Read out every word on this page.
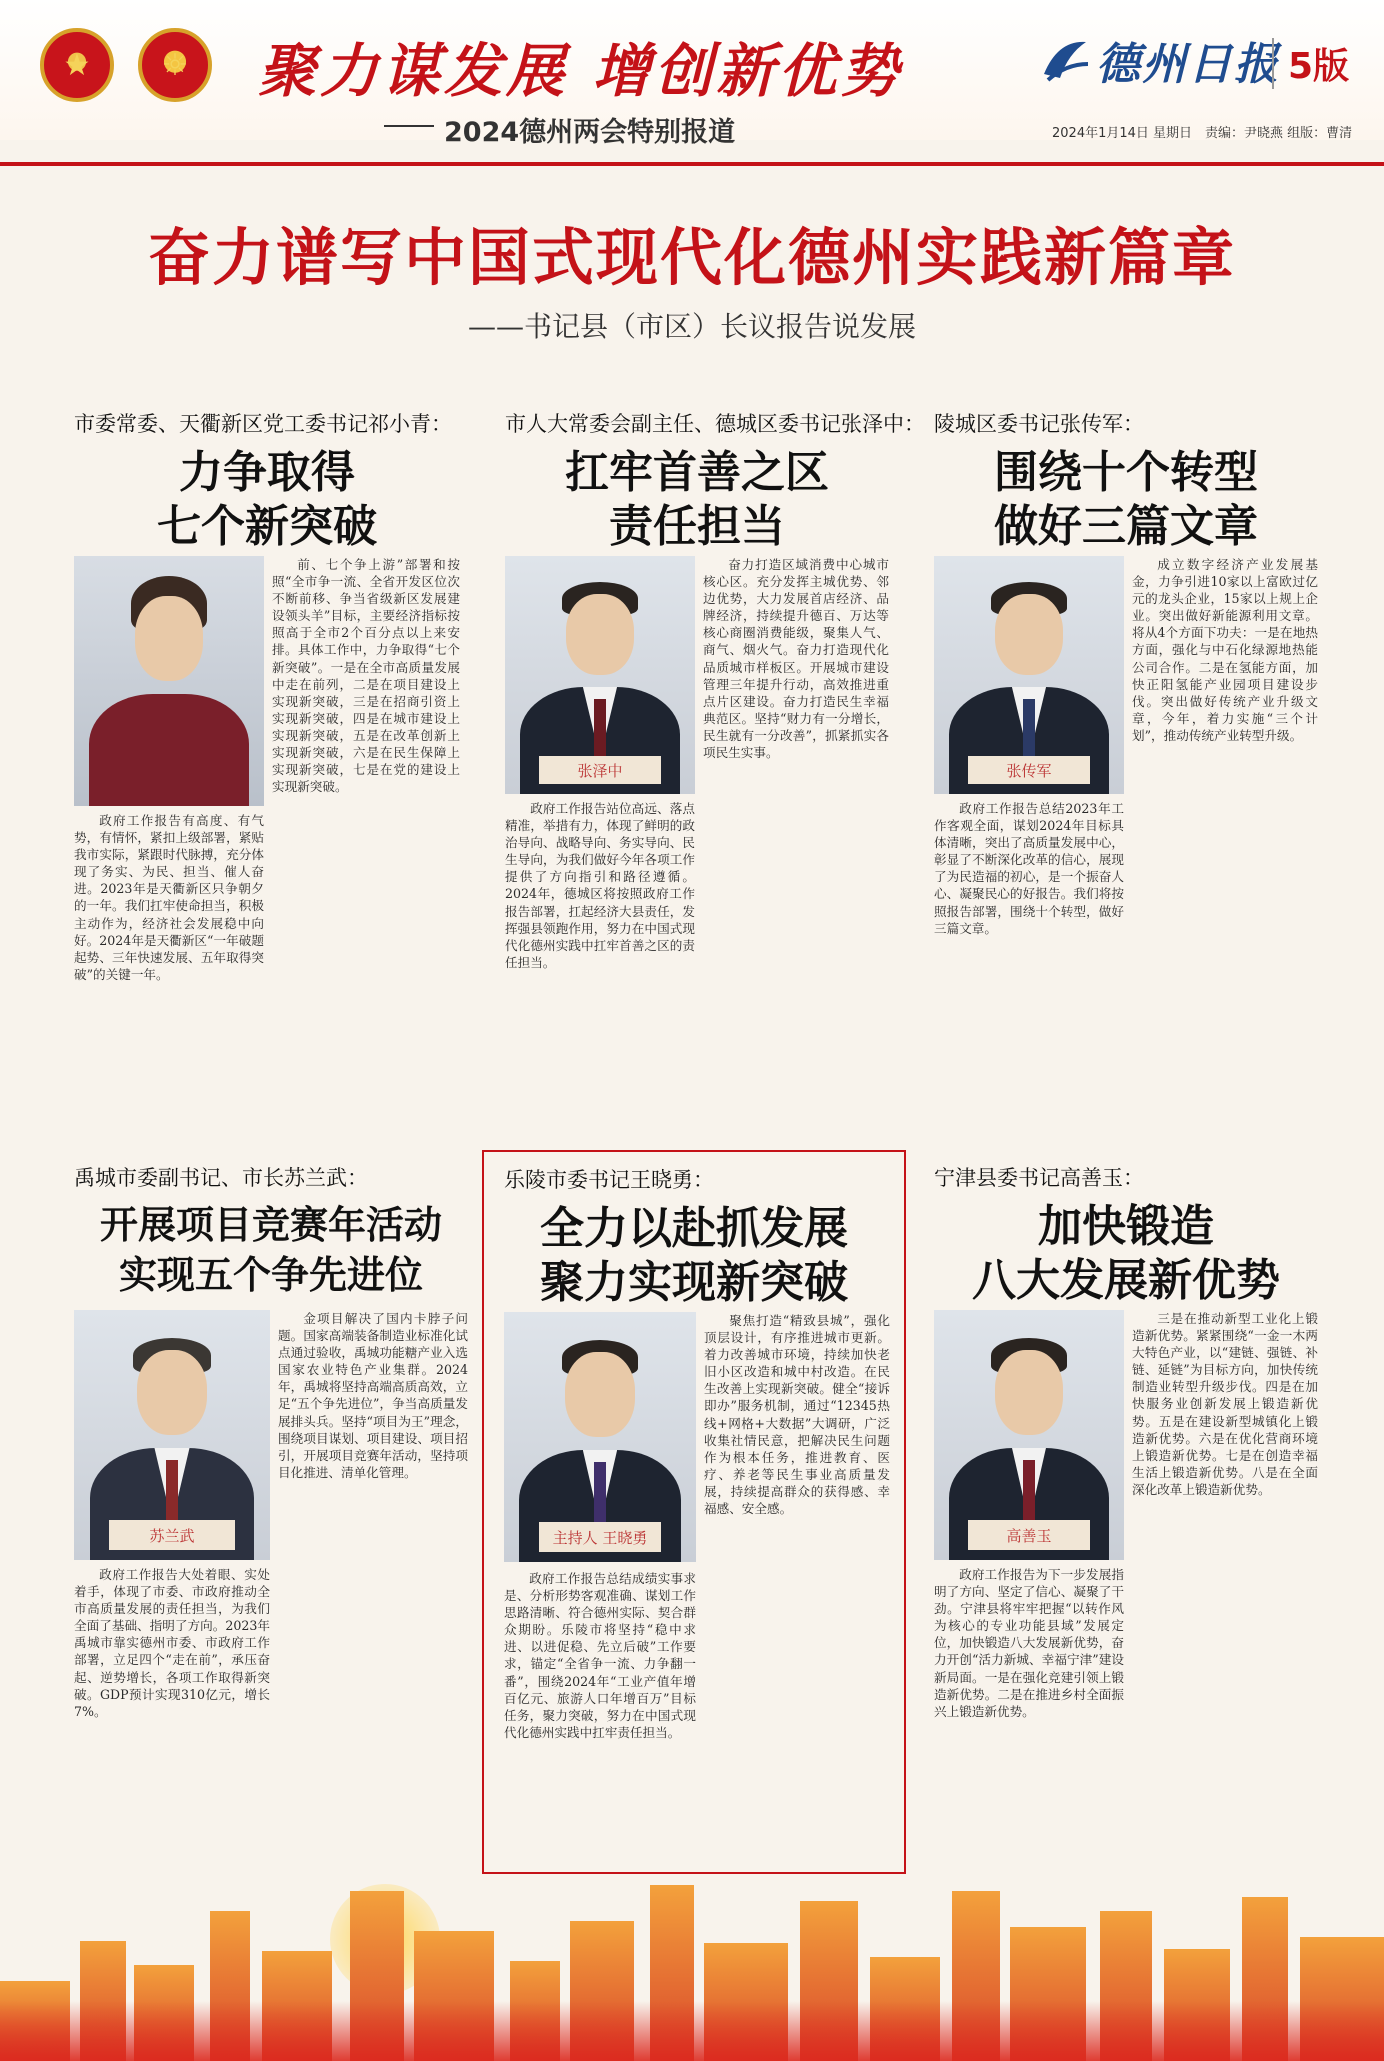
★	☼	聚力谋发展 增创新优势
2024德州两会特别报道
德州日报 5版
2024年1月14日 星期日　责编：尹晓燕 组版：曹清
奋力谱写中国式现代化德州实践新篇章
——书记县（市区）长议报告说发展
市委常委、天衢新区党工委书记祁小青：
力争取得
七个新突破

政府工作报告有高度、有气势，有情怀，紧扣上级部署，紧贴我市实际，紧跟时代脉搏，充分体现了务实、为民、担当、催人奋进。2023年是天衢新区只争朝夕的一年。我们扛牢使命担当，积极主动作为，经济社会发展稳中向好。2024年是天衢新区“一年破题起势、三年快速发展、五年取得突破”的关键一年。

前、七个争上游”部署和按照“全市争一流、全省开发区位次不断前移、争当省级新区发展建设领头羊”目标，主要经济指标按照高于全市2个百分点以上来安排。具体工作中，力争取得“七个新突破”。一是在全市高质量发展中走在前列，二是在项目建设上实现新突破，三是在招商引资上实现新突破，四是在城市建设上实现新突破，五是在改革创新上实现新突破，六是在民生保障上实现新突破，七是在党的建设上实现新突破。

市人大常委会副主任、德城区委书记张泽中：
扛牢首善之区
责任担当
张泽中

政府工作报告站位高远、落点精准，举措有力，体现了鲜明的政治导向、战略导向、务实导向、民生导向，为我们做好今年各项工作提供了方向指引和路径遵循。2024年，德城区将按照政府工作报告部署，扛起经济大县责任，发挥强县领跑作用，努力在中国式现代化德州实践中扛牢首善之区的责任担当。

奋力打造区域消费中心城市核心区。充分发挥主城优势、邻边优势，大力发展首店经济、品牌经济，持续提升德百、万达等核心商圈消费能级，聚集人气、商气、烟火气。奋力打造现代化品质城市样板区。开展城市建设管理三年提升行动，高效推进重点片区建设。奋力打造民生幸福典范区。坚持“财力有一分增长，民生就有一分改善”，抓紧抓实各项民生实事。

陵城区委书记张传军：
围绕十个转型
做好三篇文章
张传军

政府工作报告总结2023年工作客观全面，谋划2024年目标具体清晰，突出了高质量发展中心，彰显了不断深化改革的信心，展现了为民造福的初心，是一个振奋人心、凝聚民心的好报告。我们将按照报告部署，围绕十个转型，做好三篇文章。

成立数字经济产业发展基金，力争引进10家以上富欧过亿元的龙头企业，15家以上规上企业。突出做好新能源利用文章。将从4个方面下功夫：一是在地热方面，强化与中石化绿源地热能公司合作。二是在氢能方面，加快正阳氢能产业园项目建设步伐。突出做好传统产业升级文章，今年，着力实施“三个计划”，推动传统产业转型升级。

禹城市委副书记、市长苏兰武：
开展项目竞赛年活动
实现五个争先进位
苏兰武

政府工作报告大处着眼、实处着手，体现了市委、市政府推动全市高质量发展的责任担当，为我们全面了基础、指明了方向。2023年禹城市靠实德州市委、市政府工作部署，立足四个“走在前”，承压奋起、逆势增长，各项工作取得新突破。GDP预计实现310亿元，增长7%。

金项目解决了国内卡脖子问题。国家高端装备制造业标准化试点通过验收，禹城功能糖产业入选国家农业特色产业集群。2024年，禹城将坚持高端高质高效，立足“五个争先进位”，争当高质量发展排头兵。坚持“项目为王”理念，围绕项目谋划、项目建设、项目招引，开展项目竞赛年活动，坚持项目化推进、清单化管理。

乐陵市委书记王晓勇：
全力以赴抓发展
聚力实现新突破
主持人 王晓勇

政府工作报告总结成绩实事求是、分析形势客观准确、谋划工作思路清晰、符合德州实际、契合群众期盼。乐陵市将坚持“稳中求进、以进促稳、先立后破”工作要求，锚定“全省争一流、力争翻一番”，围绕2024年“工业产值年增百亿元、旅游人口年增百万”目标任务，聚力突破，努力在中国式现代化德州实践中扛牢责任担当。

聚焦打造“精致县城”，强化顶层设计，有序推进城市更新。着力改善城市环境，持续加快老旧小区改造和城中村改造。在民生改善上实现新突破。健全“接诉即办”服务机制，通过“12345热线+网格+大数据”大调研，广泛收集社情民意，把解决民生问题作为根本任务，推进教育、医疗、养老等民生事业高质量发展，持续提高群众的获得感、幸福感、安全感。

宁津县委书记高善玉：
加快锻造
八大发展新优势
高善玉

政府工作报告为下一步发展指明了方向、坚定了信心、凝聚了干劲。宁津县将牢牢把握“以转作风为核心的专业功能县域”发展定位，加快锻造八大发展新优势，奋力开创“活力新城、幸福宁津”建设新局面。一是在强化竞建引领上锻造新优势。二是在推进乡村全面振兴上锻造新优势。

三是在推动新型工业化上锻造新优势。紧紧围绕“一金一木两大特色产业，以“建链、强链、补链、延链”为目标方向，加快传统制造业转型升级步伐。四是在加快服务业创新发展上锻造新优势。五是在建设新型城镇化上锻造新优势。六是在优化营商环境上锻造新优势。七是在创造幸福生活上锻造新优势。八是在全面深化改革上锻造新优势。
